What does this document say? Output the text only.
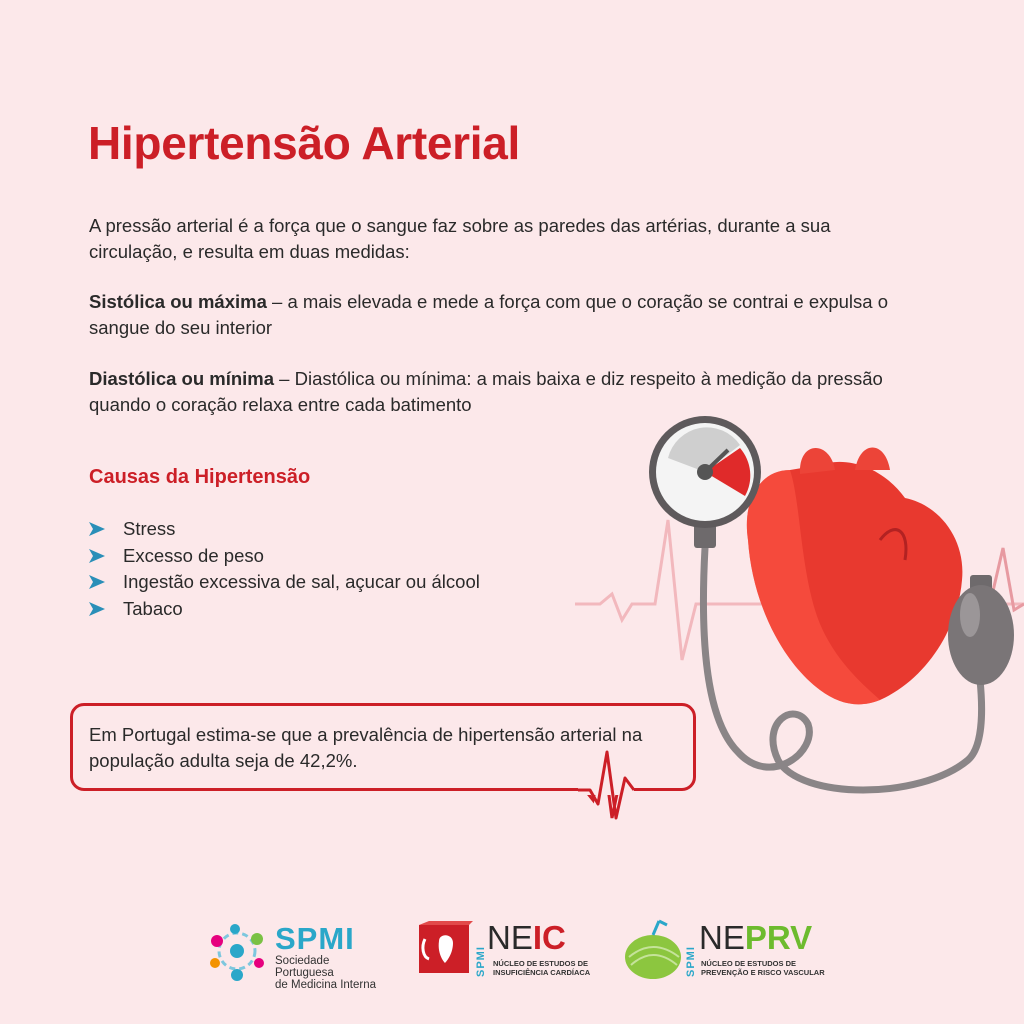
Hipertensão Arterial

A pressão arterial é a força que o sangue faz sobre as paredes das artérias, durante a sua circulação, e resulta em duas medidas:

Sistólica ou máxima – a mais elevada e mede a força com que o coração se contrai e expulsa o sangue do seu interior

Diastólica ou mínima – Diastólica ou mínima: a mais baixa e diz respeito à medição da pressão quando o coração relaxa entre cada batimento

Causas da Hipertensão
Stress
Excesso de peso
Ingestão excessiva de sal, açucar ou álcool
Tabaco

Em Portugal estima-se que a prevalência de hipertensão arterial na população adulta seja de 42,2%.

SPMI
Sociedade Portuguesa
de Medicina Interna
SPMI
NEIC
NÚCLEO DE ESTUDOS DE
INSUFICIÊNCIA CARDÍACA	SPMI
NEPRV
NÚCLEO DE ESTUDOS DE
PREVENÇÃO E RISCO VASCULAR
